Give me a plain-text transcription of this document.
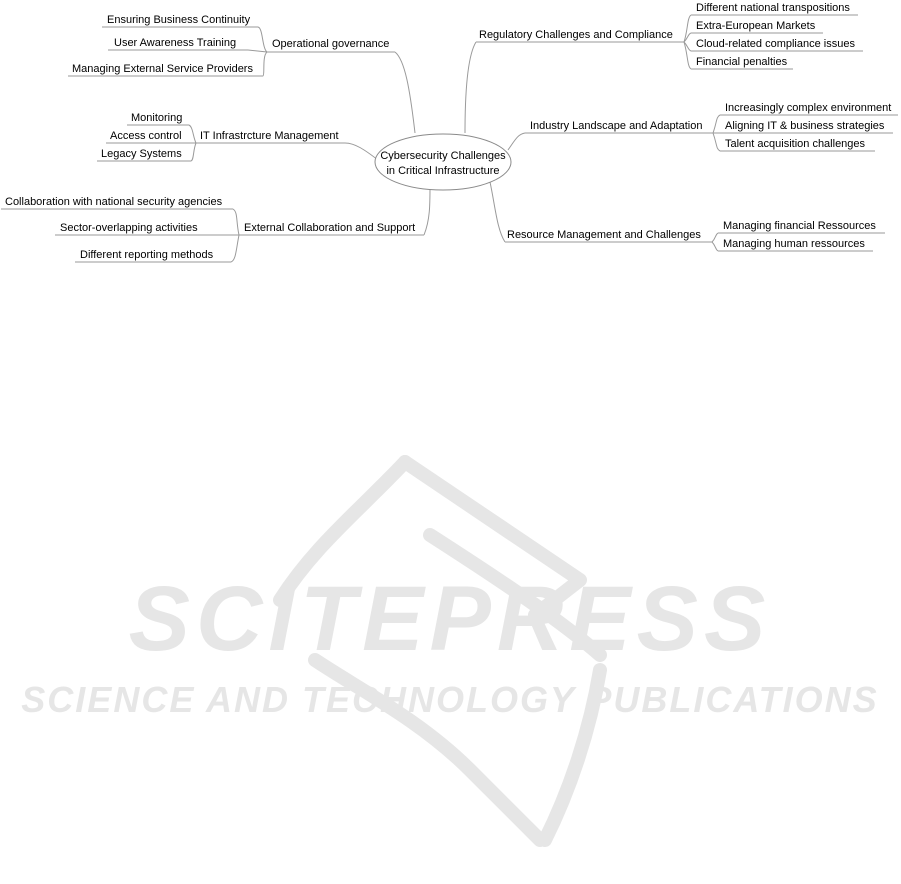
Cybersecurity Challenges
in Critical Infrastructure
Operational governance
Ensuring Business Continuity
User Awareness Training
Managing External Service Providers
IT Infrastrcture Management
Monitoring
Access control
Legacy Systems
External Collaboration and Support
Collaboration with national security agencies
Sector-overlapping activities
Different reporting methods
Regulatory Challenges and Compliance
Different national transpositions
Extra-European Markets
Cloud-related compliance issues
Financial penalties
Industry Landscape and Adaptation
Increasingly complex environment
Aligning IT & business strategies
Talent acquisition challenges
Resource Management and Challenges
Managing financial Ressources
Managing human ressources
SCITEPRESS
SCIENCE AND TECHNOLOGY PUBLICATIONS
